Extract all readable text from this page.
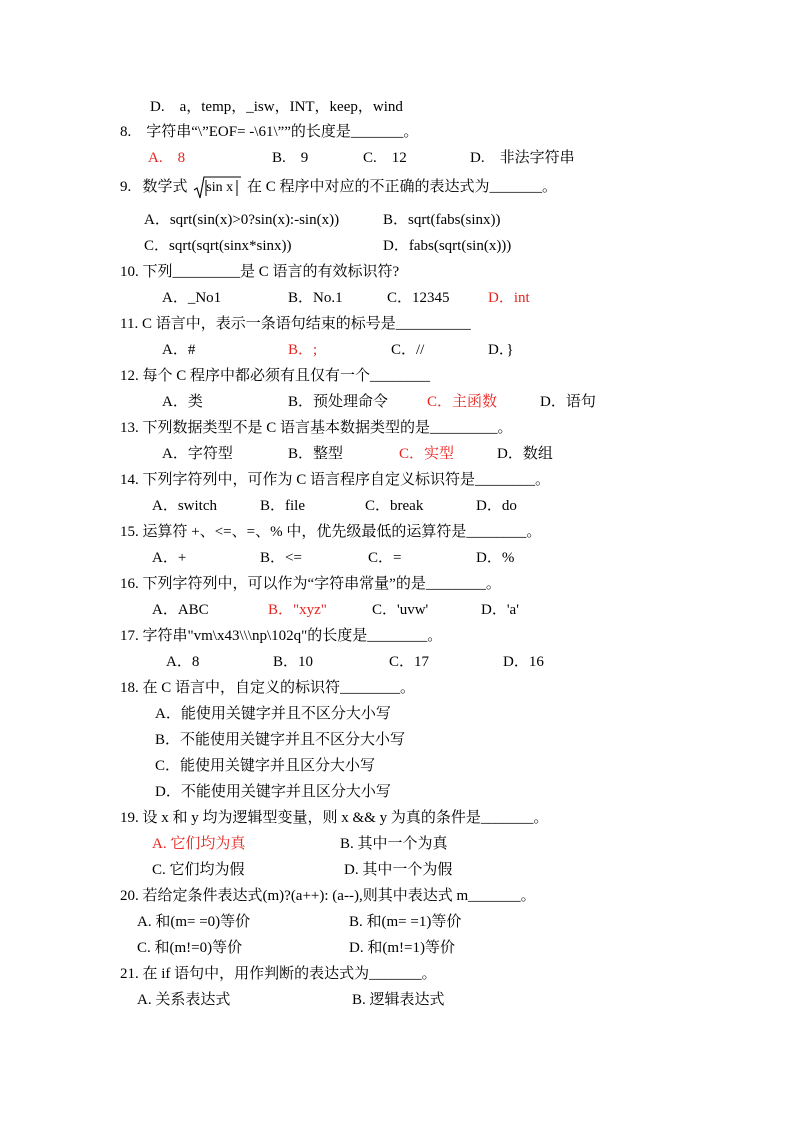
D.　a，temp，_isw，INT，keep，wind
8.　字符串“\”EOF= -\61\””的长度是_______。
A.　8	B.　9	C.　12	D.　非法字符串
9. 数学式 sin x 在 C 程序中对应的不正确的表达式为_______。
A．sqrt(sin(x)>0?sin(x):-sin(x))	B．sqrt(fabs(sinx))
C．sqrt(sqrt(sinx*sinx))	D．fabs(sqrt(sin(x)))
10. 下列_________是 C 语言的有效标识符?
A．_No1	B．No.1	C．12345	D．int
11. C 语言中，表示一条语句结束的标号是__________
A．#	B．;	C．//	D．}
12. 每个 C 程序中都必须有且仅有一个________
A．类	B．预处理命令	C．主函数	D．语句
13. 下列数据类型不是 C 语言基本数据类型的是_________。
A．字符型	B．整型	C．实型	D．数组
14. 下列字符列中，可作为 C 语言程序自定义标识符是________。
A．switch	B．file	C．break	D．do
15. 运算符 +、<=、=、% 中，优先级最低的运算符是________。
A．+	B．<=	C．=	D．%
16. 下列字符列中，可以作为“字符串常量”的是________。
A．ABC	B．"xyz"	C．'uvw'	D．'a'
17. 字符串"vm\x43\\\np\102q"的长度是________。
A．8	B．10	C．17	D．16
18. 在 C 语言中，自定义的标识符________。
A．能使用关键字并且不区分大小写
B．不能使用关键字并且不区分大小写
C．能使用关键字并且区分大小写
D．不能使用关键字并且区分大小写
19. 设 x 和 y 均为逻辑型变量，则 x && y 为真的条件是_______。
A. 它们均为真	B. 其中一个为真
C. 它们均为假	D. 其中一个为假
20. 若给定条件表达式(m)?(a++): (a--),则其中表达式 m_______。
A. 和(m= =0)等价	B. 和(m= =1)等价
C. 和(m!=0)等价	D. 和(m!=1)等价
21. 在 if 语句中，用作判断的表达式为_______。
A. 关系表达式	B. 逻辑表达式
